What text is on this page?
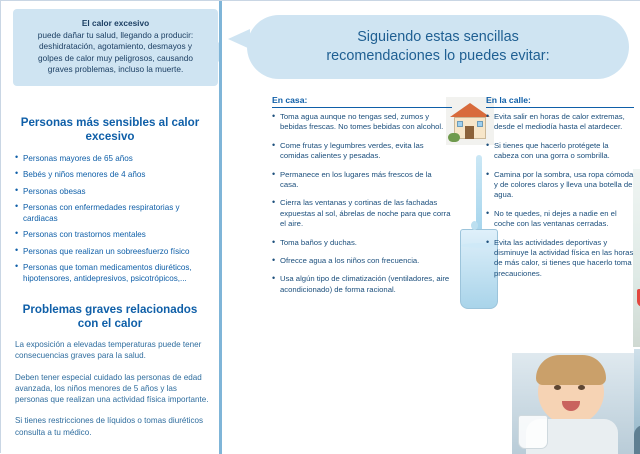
El calor excesivo
puede dañar tu salud, llegando a producir:
deshidratación, agotamiento, desmayos y
golpes de calor muy peligrosos, causando
graves problemas, incluso la muerte.
Personas más sensibles al calor excesivo
• Personas mayores de 65 años
• Bebés y niños menores de 4 años
• Personas obesas
• Personas con enfermedades respiratorias y cardiacas
• Personas con trastornos mentales
• Personas que realizan un sobreesfuerzo físico
• Personas que toman medicamentos diuréticos, hipotensores, antidepresivos, psicotrópicos,...
Problemas graves relacionados con el calor

La exposición a elevadas temperaturas puede tener consecuencias graves para la salud.

Deben tener especial cuidado las personas de edad avanzada, los niños menores de 5 años y las personas que realizan una actividad física importante.

Si tienes restricciones de líquidos o tomas diuréticos consulta a tu médico.

Siguiendo estas sencillas
recomendaciones lo puedes evitar:
En casa:
• Toma agua aunque no tengas sed, zumos y bebidas frescas. No tomes bebidas con alcohol.
• Come frutas y legumbres verdes, evita las comidas calientes y pesadas.
• Permanece en los lugares más frescos de la casa.
• Cierra las ventanas y cortinas de las fachadas expuestas al sol, ábrelas de noche para que corra el aire.
• Toma baños y duchas.
• Ofrecce agua a los niños con frecuencia.
• Usa algún tipo de climatización (ventiladores, aire acondicionado) de forma racional.
En la calle:
• Evita salir en horas de calor extremas, desde el mediodía hasta el atardecer.
• Si tienes que hacerlo protégete la cabeza con una gorra o sombrilla.
• Camina por la sombra, usa ropa cómoda y de colores claros y lleva una botella de agua.
• No te quedes, ni dejes a nadie en el coche con las ventanas cerradas.
• Evita las actividades deportivas y disminuye la actividad física en las horas de más calor, si tienes que hacerlo toma precauciones.
